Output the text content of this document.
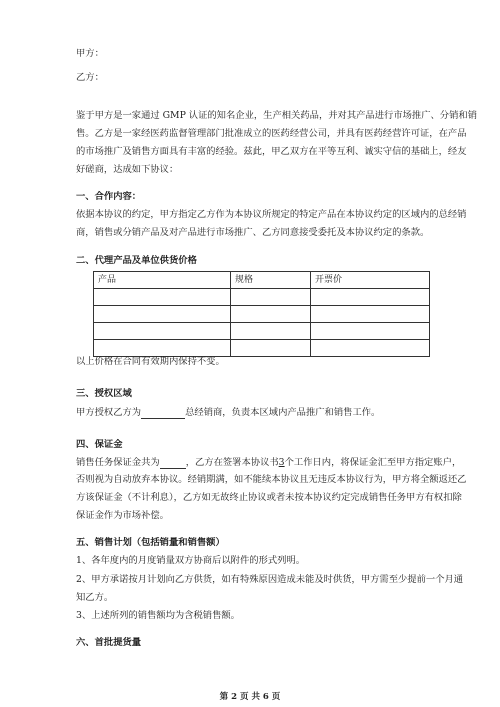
甲方：
乙方：
鉴于甲方是一家通过 GMP 认证的知名企业，生产相关药品，并对其产品进行市场推广、分销和销
售。乙方是一家经医药监督管理部门批准成立的医药经营公司，并具有医药经营许可证，在产品
的市场推广及销售方面具有丰富的经验。兹此，甲乙双方在平等互利、诚实守信的基础上，经友
好磋商，达成如下协议：
一、合作内容：
依据本协议的约定，甲方指定乙方作为本协议所规定的特定产品在本协议约定的区域内的总经销
商，销售或分销产品及对产品进行市场推广、乙方同意接受委托及本协议约定的条款。
二、代理产品及单位供货价格
产品	规格	开票价

以上价格在合同有效期内保持不变。
三、授权区域
甲方授权乙方为	总经销商，负责本区域内产品推广和销售工作。
四、保证金
销售任务保证金共为	，乙方在签署本协议书3个工作日内，将保证金汇至甲方指定账户，
否则视为自动放弃本协议。经销期满，如不能续本协议且无违反本协议行为，甲方将全额返还乙
方该保证金（不计利息），乙方如无故终止协议或者未按本协议约定完成销售任务甲方有权扣除
保证金作为市场补偿。
五、销售计划（包括销量和销售额）
1、各年度内的月度销量双方协商后以附件的形式列明。
2、甲方承诺按月计划向乙方供货，如有特殊原因造成未能及时供货，甲方需至少提前一个月通
知乙方。
3、上述所列的销售额均为含税销售额。
六、首批提货量
第 2 页 共 6 页
